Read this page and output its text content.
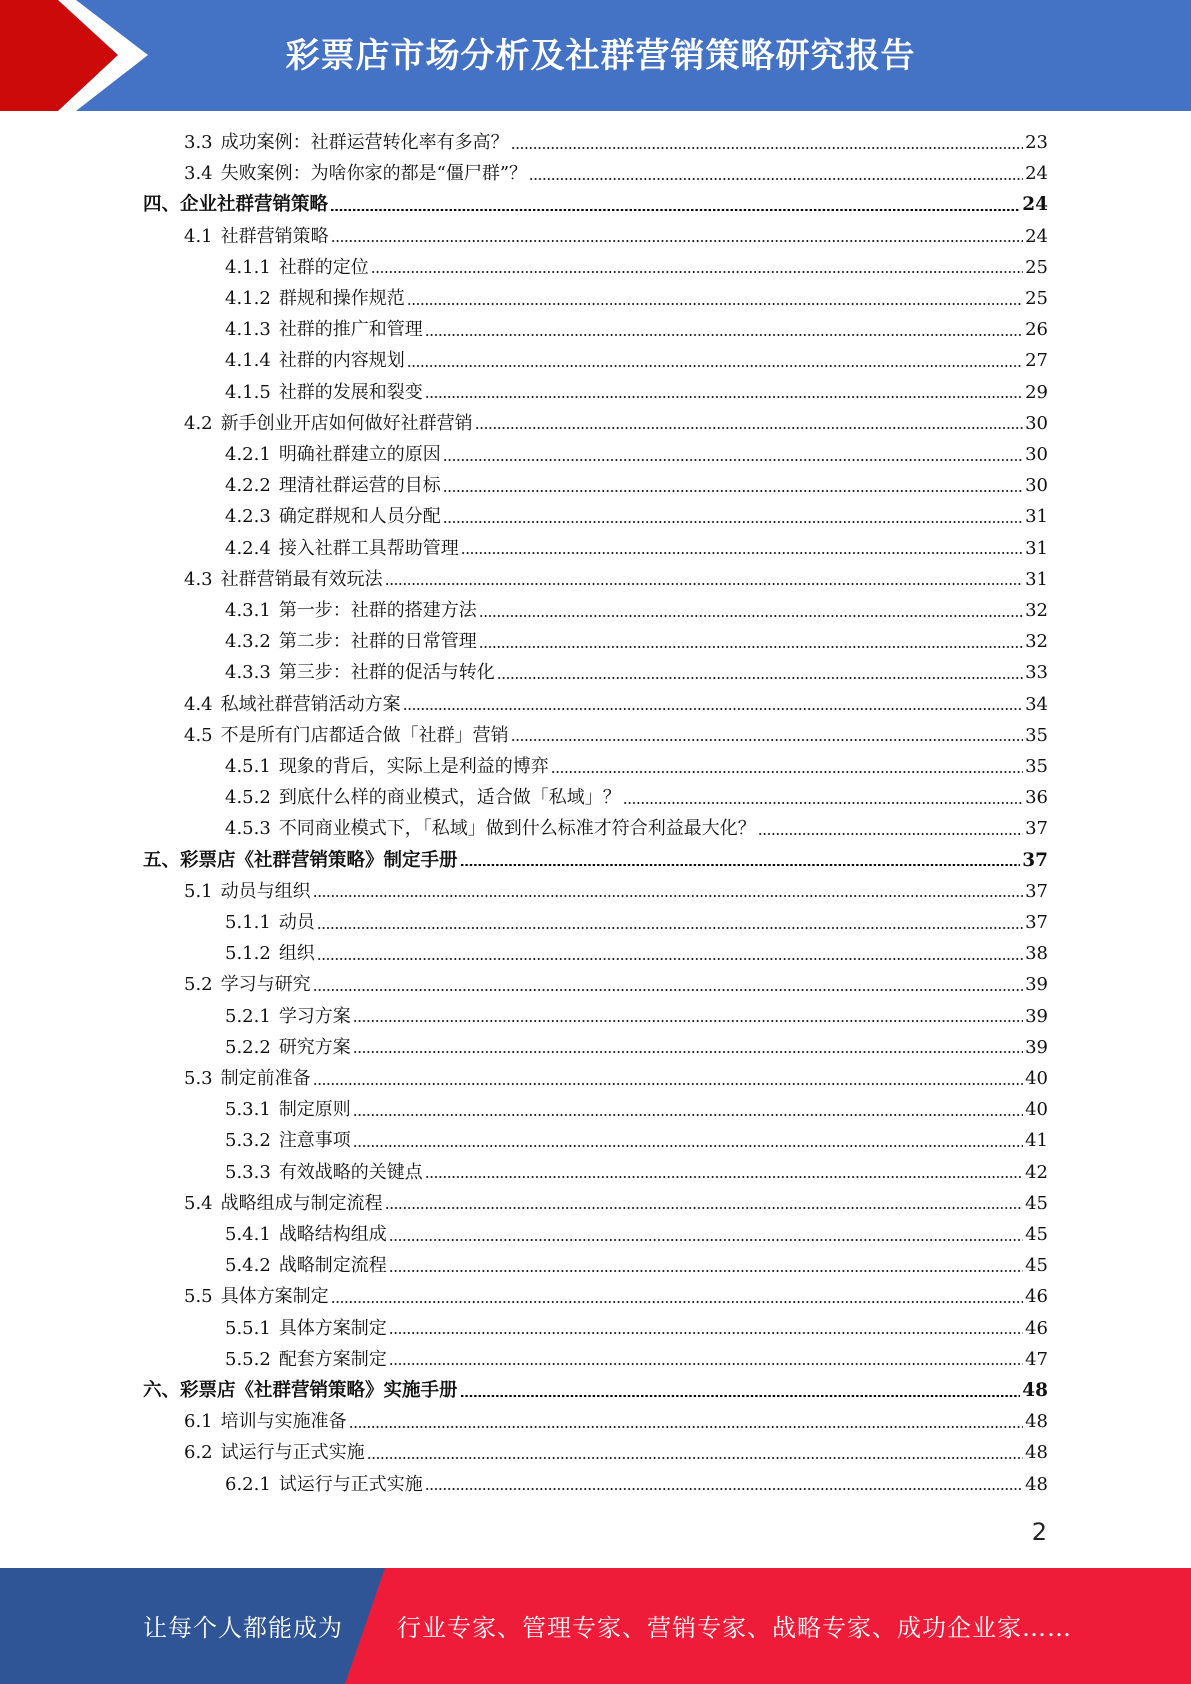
彩票店市场分析及社群营销策略研究报告
3.3 成功案例：社群运营转化率有多高？	23
3.4 失败案例：为啥你家的都是“僵尸群”？	24
四、企业社群营销策略	24
4.1 社群营销策略	24
4.1.1 社群的定位	25
4.1.2 群规和操作规范	25
4.1.3 社群的推广和管理	26
4.1.4 社群的内容规划	27
4.1.5 社群的发展和裂变	29
4.2 新手创业开店如何做好社群营销	30
4.2.1 明确社群建立的原因	30
4.2.2 理清社群运营的目标	30
4.2.3 确定群规和人员分配	31
4.2.4 接入社群工具帮助管理	31
4.3 社群营销最有效玩法	31
4.3.1 第一步：社群的搭建方法	32
4.3.2 第二步：社群的日常管理	32
4.3.3 第三步：社群的促活与转化	33
4.4 私域社群营销活动方案	34
4.5 不是所有门店都适合做「社群」营销	35
4.5.1 现象的背后，实际上是利益的博弈	35
4.5.2 到底什么样的商业模式，适合做「私域」？	36
4.5.3 不同商业模式下，「私域」做到什么标准才符合利益最大化？	37
五、彩票店《社群营销策略》制定手册	37
5.1 动员与组织	37
5.1.1 动员	37
5.1.2 组织	38
5.2 学习与研究	39
5.2.1 学习方案	39
5.2.2 研究方案	39
5.3 制定前准备	40
5.3.1 制定原则	40
5.3.2 注意事项	41
5.3.3 有效战略的关键点	42
5.4 战略组成与制定流程	45
5.4.1 战略结构组成	45
5.4.2 战略制定流程	45
5.5 具体方案制定	46
5.5.1 具体方案制定	46
5.5.2 配套方案制定	47
六、彩票店《社群营销策略》实施手册	48
6.1 培训与实施准备	48
6.2 试运行与正式实施	48
6.2.1 试运行与正式实施	48
2
让每个人都能成为 行业专家、管理专家、营销专家、战略专家、成功企业家……
